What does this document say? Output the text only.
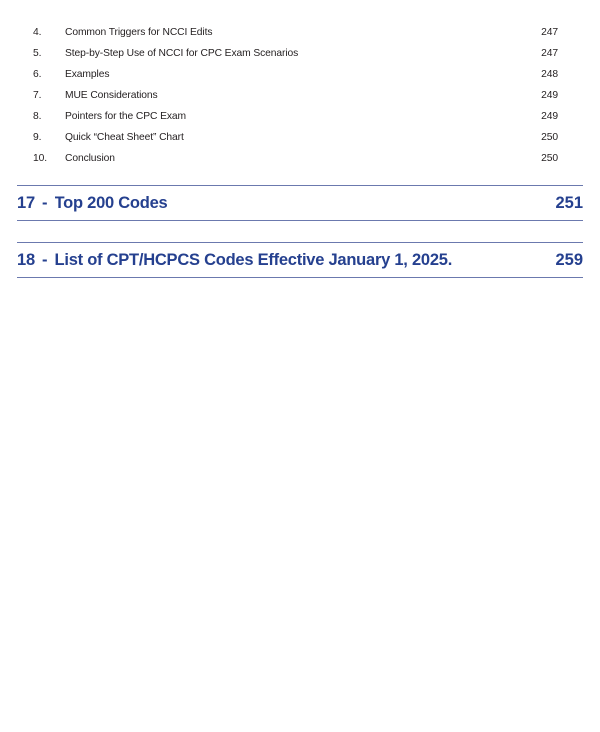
4.	Common Triggers for NCCI Edits	247
5.	Step-by-Step Use of NCCI for CPC Exam Scenarios	247
6.	Examples	248
7.	MUE Considerations	249
8.	Pointers for the CPC Exam	249
9.	Quick “Cheat Sheet” Chart	250
10.	Conclusion	250
17 - Top 200 Codes	251
18 - List of CPT/HCPCS Codes Effective January 1, 2025.	259
